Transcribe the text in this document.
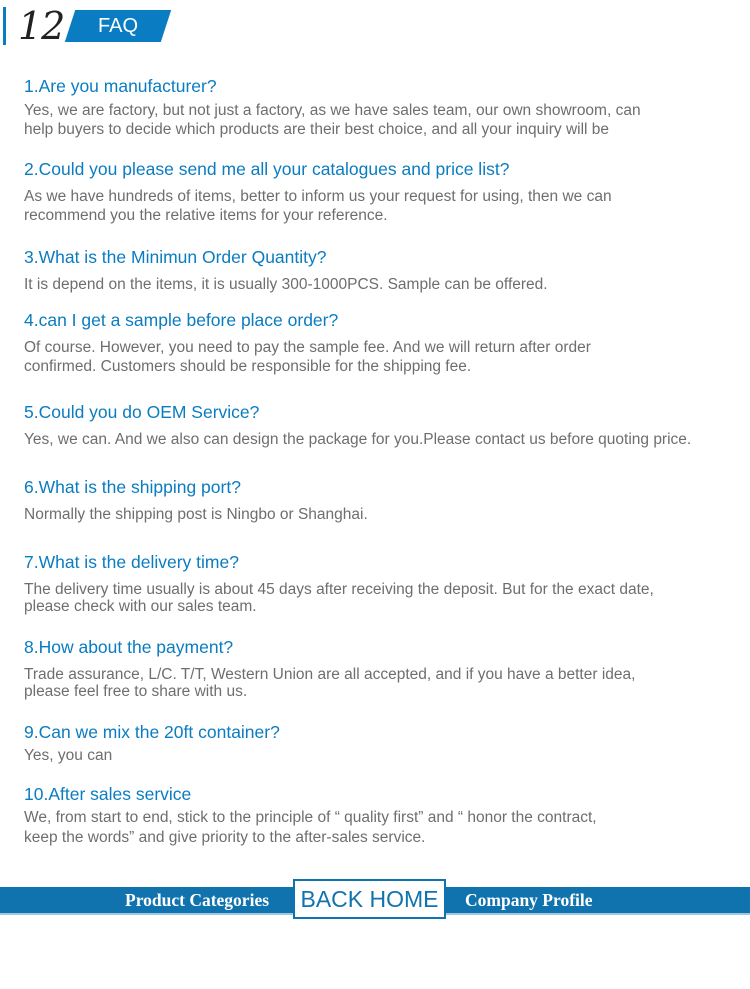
12	FAQ
1.Are you manufacturer?
Yes, we are factory, but not just a factory, as we have sales team, our own showroom, can
help buyers to decide which products are their best choice, and all your inquiry will be
2.Could you please send me all your catalogues and price list?
As we have hundreds of items, better to inform us your request for using, then we can
recommend you the relative items for your reference.
3.What is the Minimun Order Quantity?
It is depend on the items, it is usually 300-1000PCS. Sample can be offered.
4.can I get a sample before place order?
Of course. However, you need to pay the sample fee. And we will return after order
confirmed. Customers should be responsible for the shipping fee.
5.Could you do OEM Service?
Yes, we can. And we also can design the package for you.Please contact us before quoting price.
6.What is the shipping port?
Normally the shipping post is Ningbo or Shanghai.
7.What is the delivery time?
The delivery time usually is about 45 days after receiving the deposit. But for the exact date,
please check with our sales team.
8.How about the payment?
Trade assurance, L/C. T/T, Western Union are all accepted, and if you have a better idea,
please feel free to share with us.
9.Can we mix the 20ft container?
Yes, you can
10.After sales service
We, from start to end, stick to the principle of “ quality first” and “ honor the contract,
keep the words” and give priority to the after-sales service.
Product Categories	BACK HOME	Company Profile
